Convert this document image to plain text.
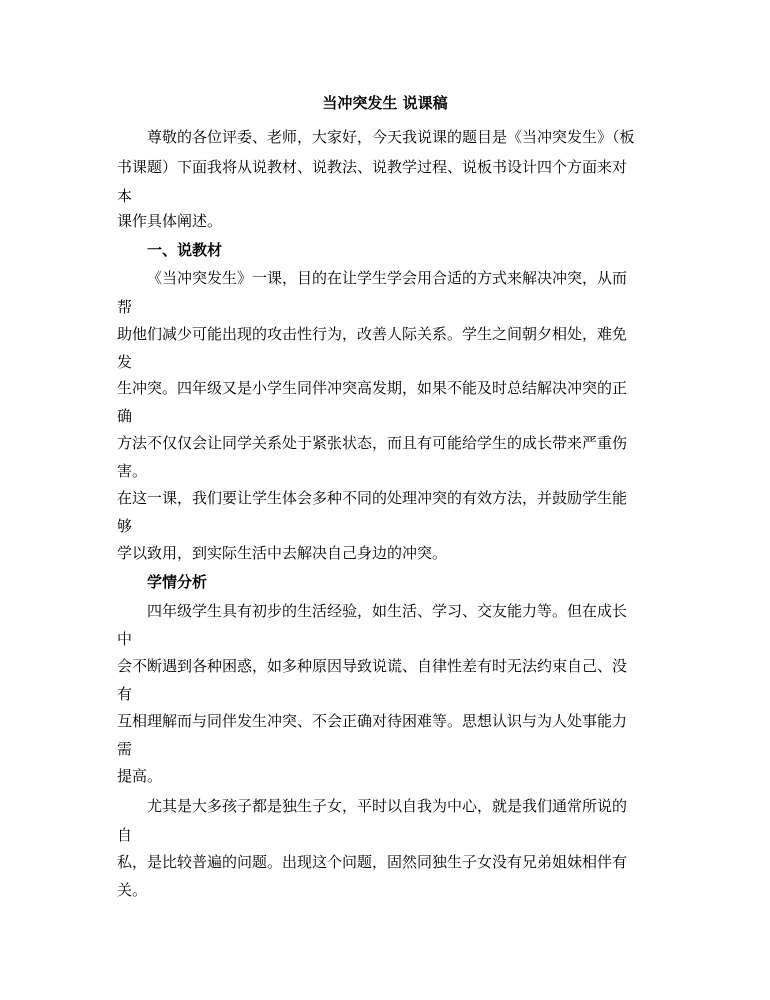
当冲突发生 说课稿
尊敬的各位评委、老师，大家好，今天我说课的题目是《当冲突发生》（板
书课题）下面我将从说教材、说教法、说教学过程、说板书设计四个方面来对
本
课作具体阐述。
一、说教材
《当冲突发生》一课，目的在让学生学会用合适的方式来解决冲突，从而
帮
助他们减少可能出现的攻击性行为，改善人际关系。学生之间朝夕相处，难免
发
生冲突。四年级又是小学生同伴冲突高发期，如果不能及时总结解决冲突的正
确
方法不仅仅会让同学关系处于紧张状态，而且有可能给学生的成长带来严重伤
害。
在这一课，我们要让学生体会多种不同的处理冲突的有效方法，并鼓励学生能
够
学以致用，到实际生活中去解决自己身边的冲突。
学情分析
四年级学生具有初步的生活经验，如生活、学习、交友能力等。但在成长
中
会不断遇到各种困惑，如多种原因导致说谎、自律性差有时无法约束自己、没
有
互相理解而与同伴发生冲突、不会正确对待困难等。思想认识与为人处事能力
需
提高。
尤其是大多孩子都是独生子女，平时以自我为中心，就是我们通常所说的
自
私，是比较普遍的问题。出现这个问题，固然同独生子女没有兄弟姐妹相伴有
关。
